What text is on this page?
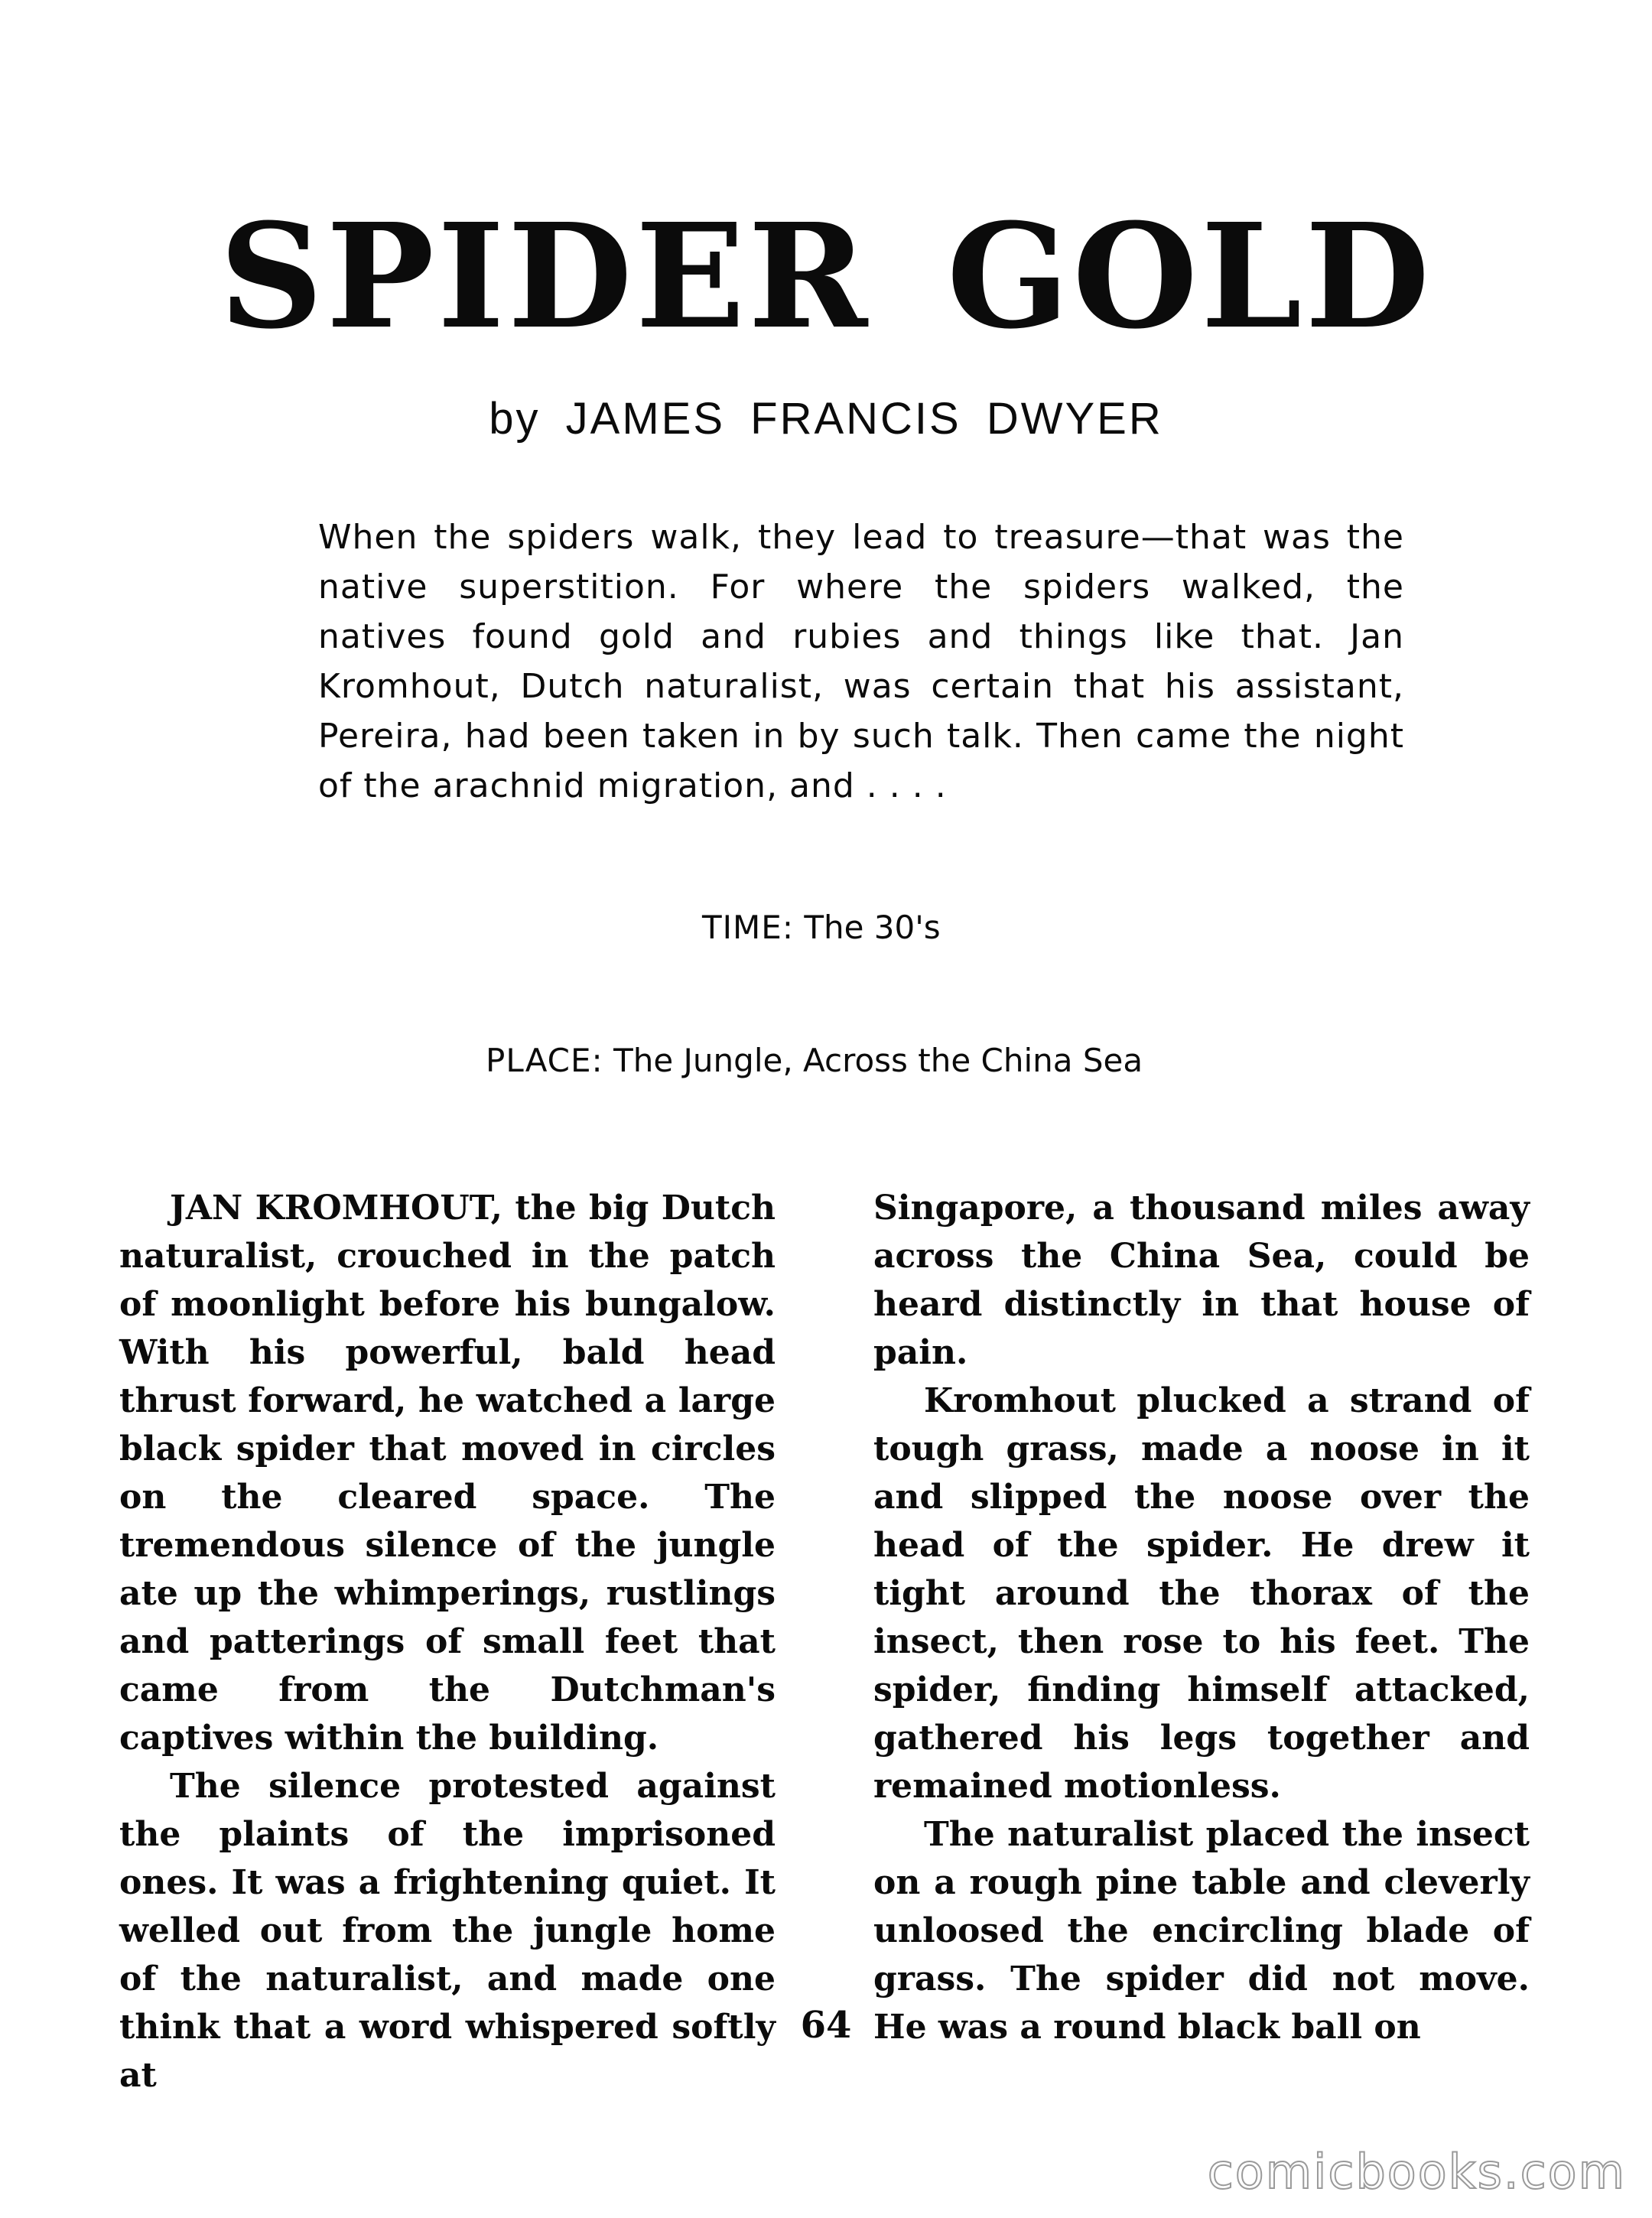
SPIDER GOLD
by JAMES FRANCIS DWYER

When the spiders walk, they lead to treasure—that was the native superstition. For where the spiders walked, the natives found gold and rubies and things like that. Jan Kromhout, Dutch naturalist, was certain that his assistant, Pereira, had been taken in by such talk. Then came the night of the arachnid migration, and . . . .

TIME: The 30's
PLACE: The Jungle, Across the China Sea

JAN KROMHOUT, the big Dutch naturalist, crouched in the patch of moonlight before his bungalow. With his powerful, bald head thrust forward, he watched a large black spider that moved in circles on the cleared space. The tremendous silence of the jungle ate up the whimperings, rustlings and patterings of small feet that came from the Dutchman's captives within the building.

The silence protested against the plaints of the imprisoned ones. It was a frightening quiet. It welled out from the jungle home of the naturalist, and made one think that a word whispered softly at

Singapore, a thousand miles away across the China Sea, could be heard distinctly in that house of pain.

Kromhout plucked a strand of tough grass, made a noose in it and slipped the noose over the head of the spider. He drew it tight around the thorax of the insect, then rose to his feet. The spider, finding himself attacked, gathered his legs together and remained motionless.

The naturalist placed the insect on a rough pine table and cleverly unloosed the encircling blade of grass. The spider did not move. He was a round black ball on

64
comicbooks.com
